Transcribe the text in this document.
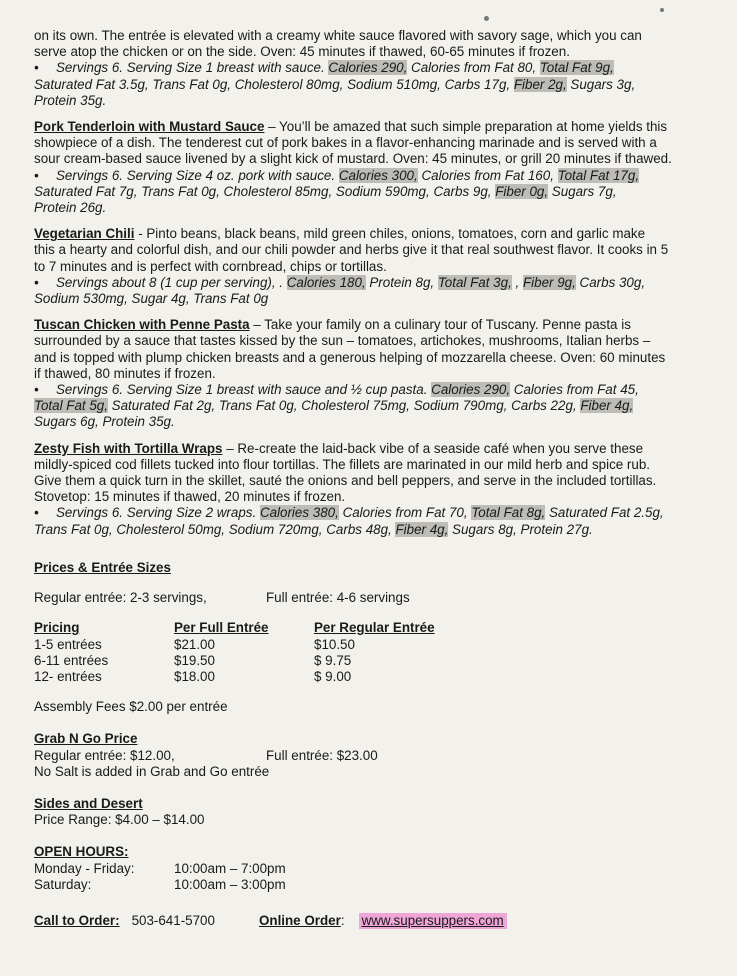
on its own. The entrée is elevated with a creamy white sauce flavored with savory sage, which you can
serve atop the chicken or on the side. Oven: 45 minutes if thawed, 60-65 minutes if frozen.
• Servings 6. Serving Size 1 breast with sauce. Calories 290, Calories from Fat 80, Total Fat 9g,
Saturated Fat 3.5g, Trans Fat 0g, Cholesterol 80mg, Sodium 510mg, Carbs 17g, Fiber 2g, Sugars 3g,
Protein 35g.
Pork Tenderloin with Mustard Sauce – You’ll be amazed that such simple preparation at home yields this
showpiece of a dish. The tenderest cut of pork bakes in a flavor-enhancing marinade and is served with a
sour cream-based sauce livened by a slight kick of mustard. Oven: 45 minutes, or grill 20 minutes if thawed.
• Servings 6. Serving Size 4 oz. pork with sauce. Calories 300, Calories from Fat 160, Total Fat 17g,
Saturated Fat 7g, Trans Fat 0g, Cholesterol 85mg, Sodium 590mg, Carbs 9g, Fiber 0g, Sugars 7g,
Protein 26g.
Vegetarian Chili - Pinto beans, black beans, mild green chiles, onions, tomatoes, corn and garlic make
this a hearty and colorful dish, and our chili powder and herbs give it that real southwest flavor. It cooks in 5
to 7 minutes and is perfect with cornbread, chips or tortillas.
• Servings about 8 (1 cup per serving), . Calories 180, Protein 8g, Total Fat 3g, , Fiber 9g, Carbs 30g,
Sodium 530mg, Sugar 4g, Trans Fat 0g
Tuscan Chicken with Penne Pasta – Take your family on a culinary tour of Tuscany. Penne pasta is
surrounded by a sauce that tastes kissed by the sun – tomatoes, artichokes, mushrooms, Italian herbs –
and is topped with plump chicken breasts and a generous helping of mozzarella cheese. Oven: 60 minutes
if thawed, 80 minutes if frozen.
• Servings 6. Serving Size 1 breast with sauce and ½ cup pasta. Calories 290, Calories from Fat 45,
Total Fat 5g, Saturated Fat 2g, Trans Fat 0g, Cholesterol 75mg, Sodium 790mg, Carbs 22g, Fiber 4g,
Sugars 6g, Protein 35g.
Zesty Fish with Tortilla Wraps – Re-create the laid-back vibe of a seaside café when you serve these
mildly-spiced cod fillets tucked into flour tortillas. The fillets are marinated in our mild herb and spice rub.
Give them a quick turn in the skillet, sauté the onions and bell peppers, and serve in the included tortillas.
Stovetop: 15 minutes if thawed, 20 minutes if frozen.
• Servings 6. Serving Size 2 wraps. Calories 380, Calories from Fat 70, Total Fat 8g, Saturated Fat 2.5g,
Trans Fat 0g, Cholesterol 50mg, Sodium 720mg, Carbs 48g, Fiber 4g, Sugars 8g, Protein 27g.
Prices & Entrée Sizes
Regular entrée: 2-3 servings,	Full entrée: 4-6 servings
Pricing	Per Full Entrée	Per Regular Entrée
1-5 entrées	$21.00	$10.50
6-11 entrées	$19.50	$ 9.75
12- entrées	$18.00	$ 9.00
Assembly Fees $2.00 per entrée
Grab N Go Price
Regular entrée: $12.00,	Full entrée: $23.00
No Salt is added in Grab and Go entrée
Sides and Desert
Price Range: $4.00 – $14.00
OPEN HOURS:
Monday - Friday:	10:00am – 7:00pm
Saturday:	10:00am – 3:00pm
Call to Order: 503-641-5700	Online Order : www.supersuppers.com
